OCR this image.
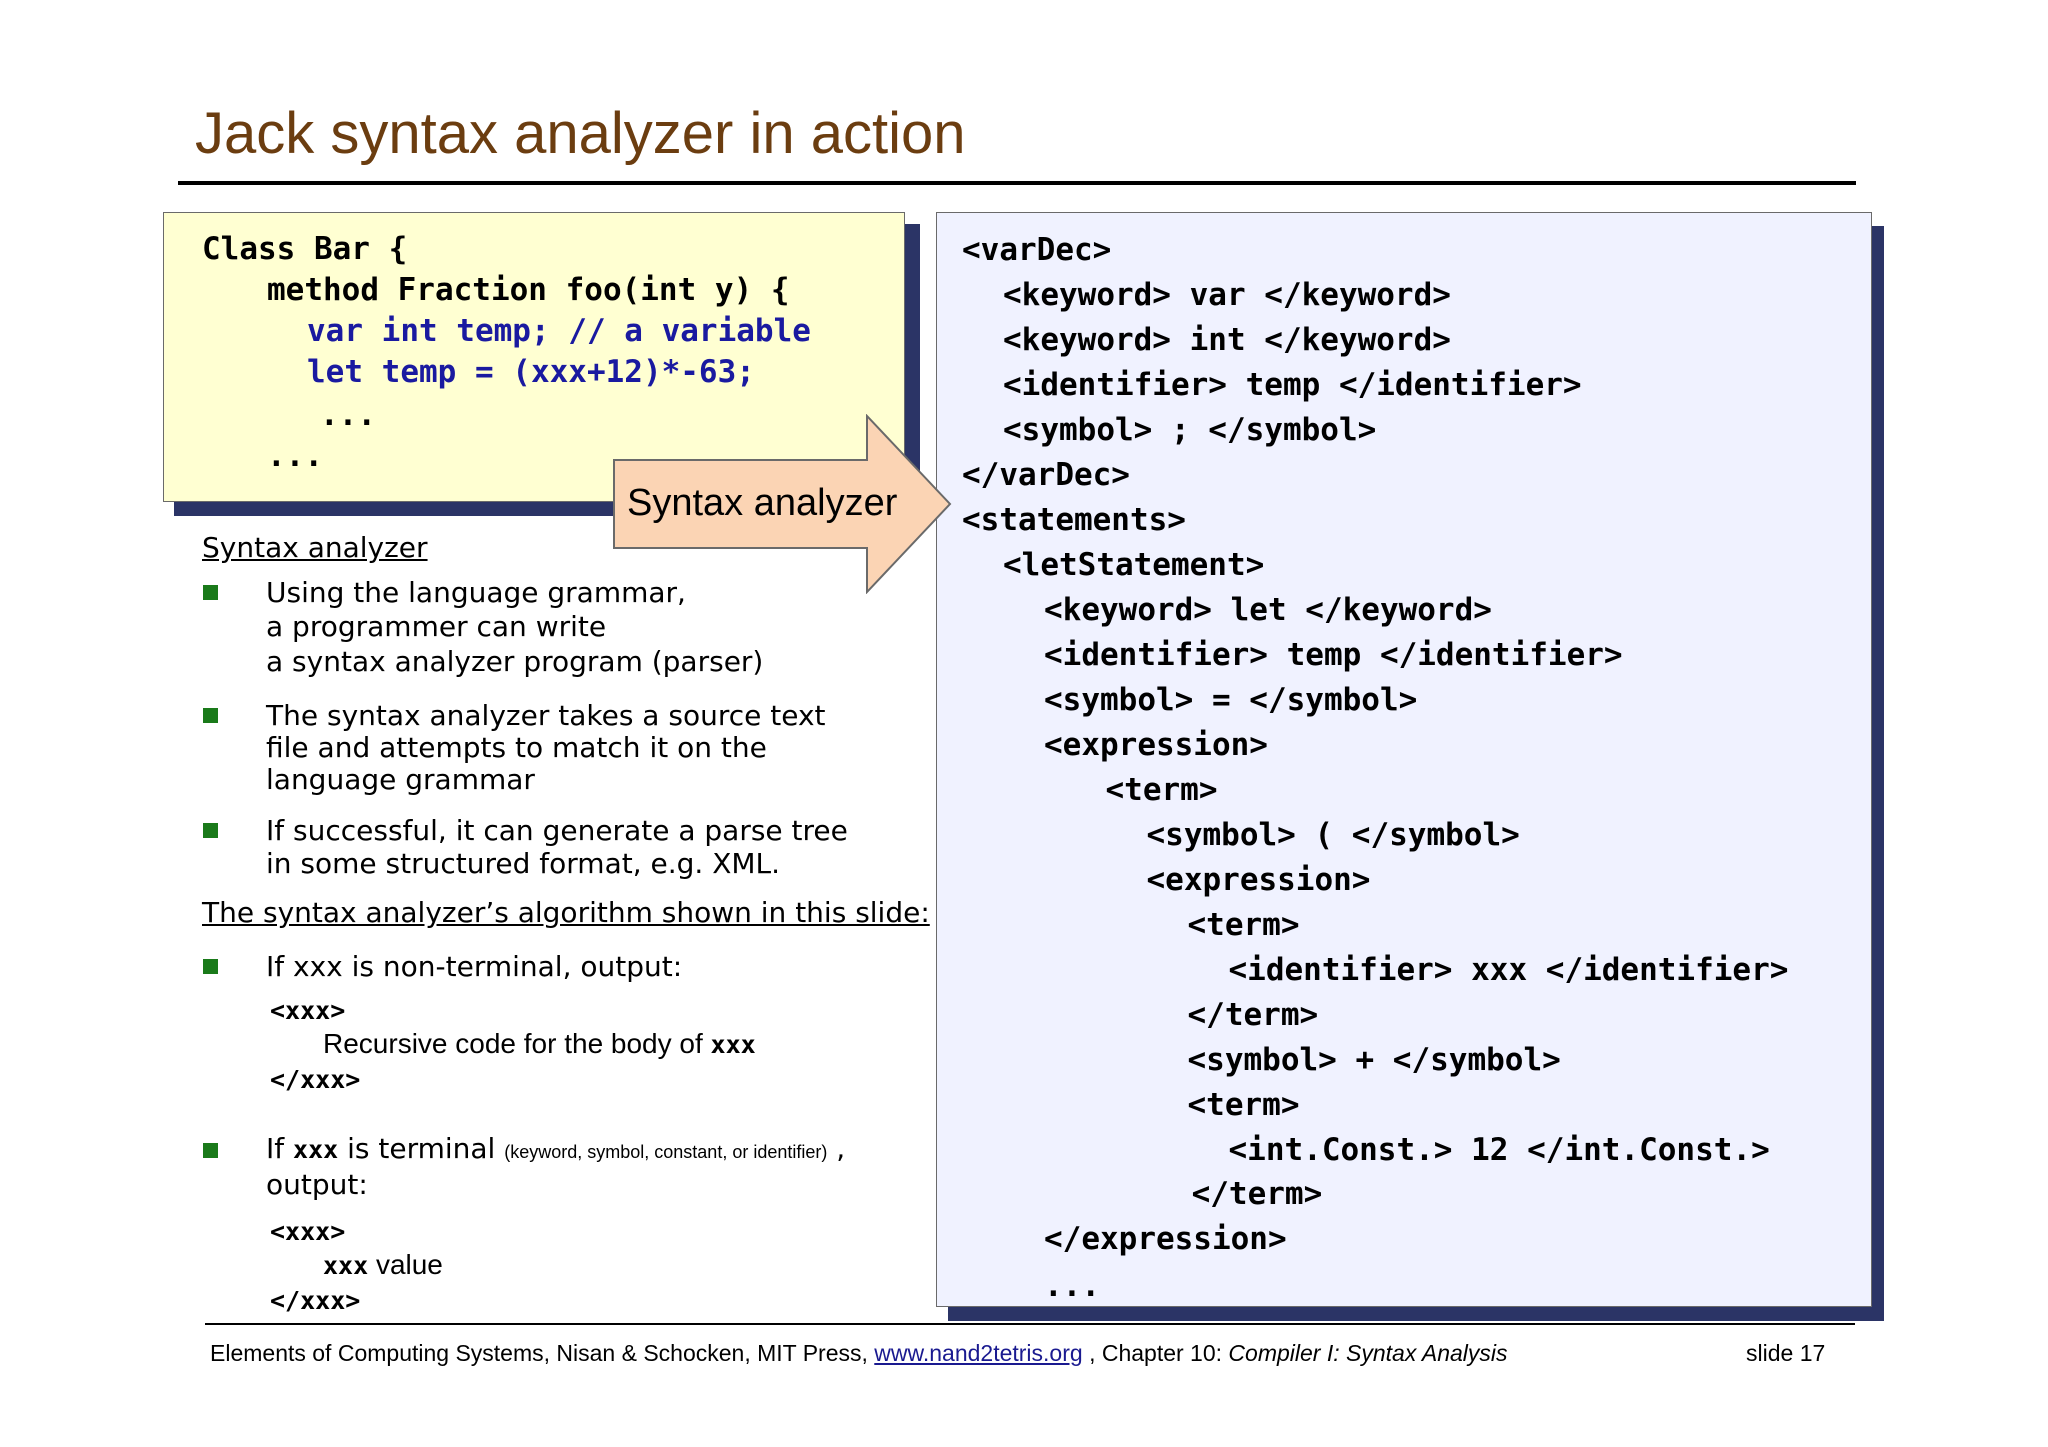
Jack syntax analyzer in action
Class Bar {
method Fraction foo(int y) {
var int temp; // a variable
let temp = (xxx+12)*-63;
...
...
<varDec>
<keyword> var </keyword>
<keyword> int </keyword>
<identifier> temp </identifier>
<symbol> ; </symbol>
</varDec>
<statements>
<letStatement>
<keyword> let </keyword>
<identifier> temp </identifier>
<symbol> = </symbol>
<expression>
<term>
<symbol> ( </symbol>
<expression>
<term>
<identifier> xxx </identifier>
</term>
<symbol> + </symbol>
<term>
<int.Const.> 12 </int.Const.>
</term>
</expression>
...
Syntax analyzer
Syntax analyzer
Using the language grammar,
a programmer can write
a syntax analyzer program (parser)
The syntax analyzer takes a source text
file and attempts to match it on the
language grammar
If successful, it can generate a parse tree
in some structured format, e.g. XML.
The syntax analyzer’s algorithm shown in this slide:
If xxx is non-terminal, output:
<xxx>
Recursive code for the body of xxx
</xxx>
If xxx is terminal (keyword, symbol, constant, or identifier) ,
output:
<xxx>
xxx value
</xxx>
Elements of Computing Systems, Nisan & Schocken, MIT Press, www.nand2tetris.org , Chapter 10: Compiler I: Syntax Analysis	slide 17
